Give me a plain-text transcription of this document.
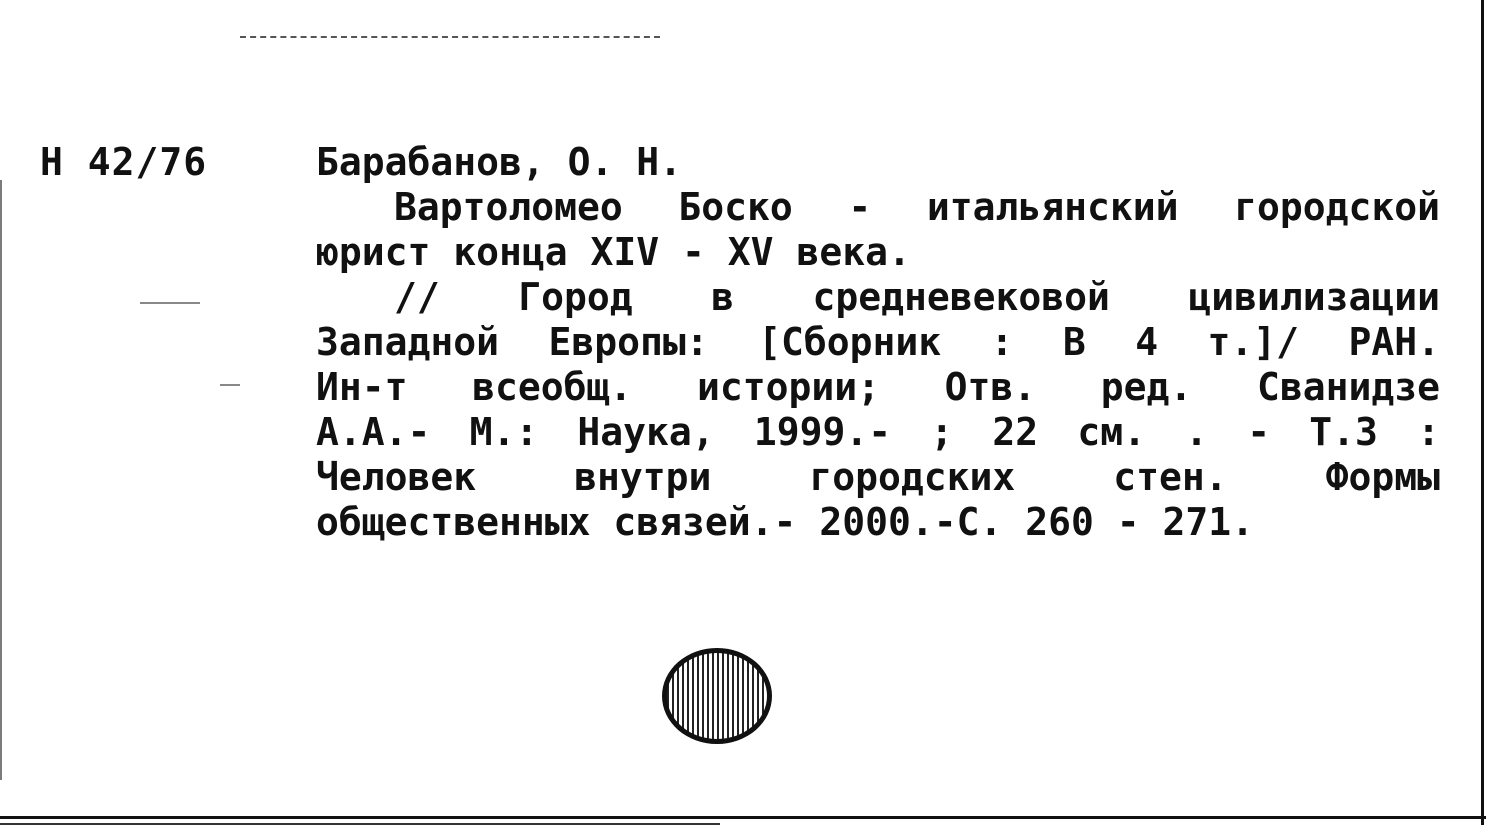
Н 42/76	Барабанов, О. Н.
Вартоломео Боско - итальянский городской
юрист конца XIV - XV века.
// Город в средневековой цивилизации
Западной Европы: [Сборник : В 4 т.]/ РАН.
Ин-т всеобщ. истории; Отв. ред. Сванидзе
А.А.- М.: Наука, 1999.- ; 22 см. . - Т.3 :
Человек внутри городских стен. Формы
общественных связей.- 2000.-С. 260 - 271.
